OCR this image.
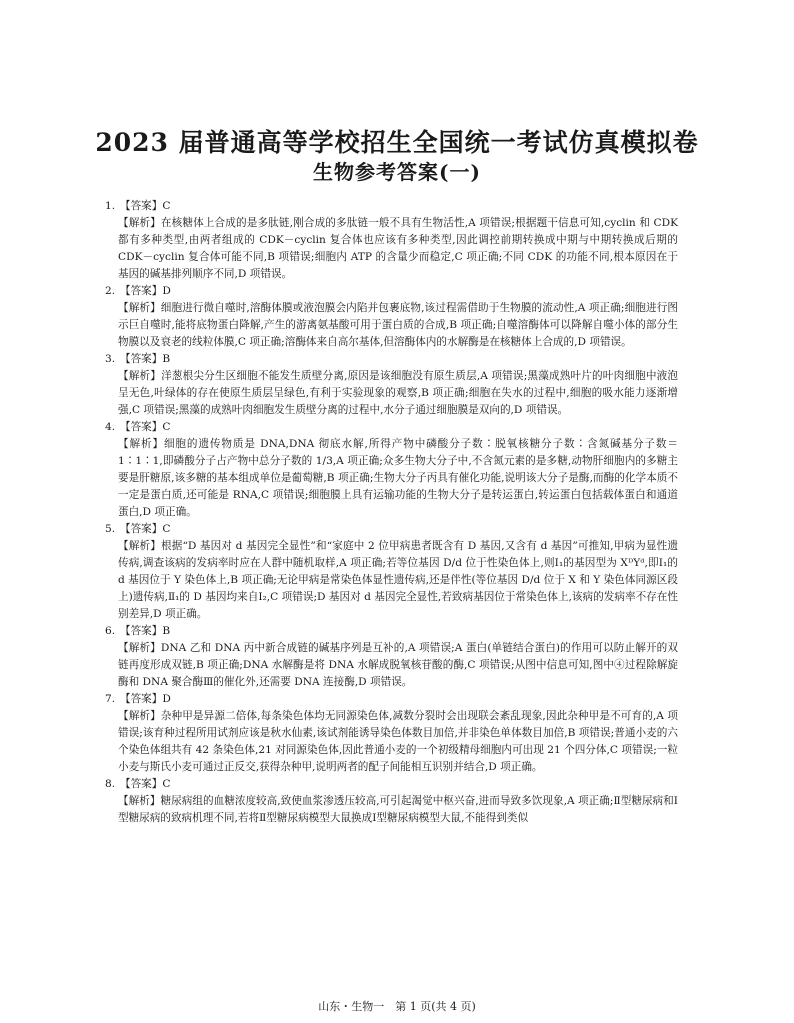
2023 届普通高等学校招生全国统一考试仿真模拟卷
生物参考答案(一)
1. 【答案】C
【解析】在核糖体上合成的是多肽链,刚合成的多肽链一般不具有生物活性,A 项错误;根据题干信息可知,cyclin 和 CDK 都有多种类型,由两者组成的 CDK－cyclin 复合体也应该有多种类型,因此调控前期转换成中期与中期转换成后期的 CDK－cyclin 复合体可能不同,B 项错误;细胞内 ATP 的含量少而稳定,C 项正确;不同 CDK 的功能不同,根本原因在于基因的碱基排列顺序不同,D 项错误。
2. 【答案】D
【解析】细胞进行微自噬时,溶酶体膜或液泡膜会内陷并包裹底物,该过程需借助于生物膜的流动性,A 项正确;细胞进行图示巨自噬时,能将底物蛋白降解,产生的游离氨基酸可用于蛋白质的合成,B 项正确;自噬溶酶体可以降解自噬小体的部分生物膜以及衰老的线粒体膜,C 项正确;溶酶体来自高尔基体,但溶酶体内的水解酶是在核糖体上合成的,D 项错误。
3. 【答案】B
【解析】洋葱根尖分生区细胞不能发生质壁分离,原因是该细胞没有原生质层,A 项错误;黑藻成熟叶片的叶肉细胞中液泡呈无色,叶绿体的存在使原生质层呈绿色,有利于实验现象的观察,B 项正确;细胞在失水的过程中,细胞的吸水能力逐渐增强,C 项错误;黑藻的成熟叶肉细胞发生质壁分离的过程中,水分子通过细胞膜是双向的,D 项错误。
4. 【答案】C
【解析】细胞的遗传物质是 DNA,DNA 彻底水解,所得产物中磷酸分子数∶脱氧核糖分子数∶含氮碱基分子数＝1∶1∶1,即磷酸分子占产物中总分子数的 1/3,A 项正确;众多生物大分子中,不含氮元素的是多糖,动物肝细胞内的多糖主要是肝糖原,该多糖的基本组成单位是葡萄糖,B 项正确;生物大分子丙具有催化功能,说明该大分子是酶,而酶的化学本质不一定是蛋白质,还可能是 RNA,C 项错误;细胞膜上具有运输功能的生物大分子是转运蛋白,转运蛋白包括载体蛋白和通道蛋白,D 项正确。
5. 【答案】C
【解析】根据“D 基因对 d 基因完全显性”和“家庭中 2 位甲病患者既含有 D 基因,又含有 d 基因”可推知,甲病为显性遗传病,调查该病的发病率时应在人群中随机取样,A 项正确;若等位基因 D/d 位于性染色体上,则Ⅰ₁的基因型为 XᴰYᵈ,即Ⅰ₁的 d 基因位于 Y 染色体上,B 项正确;无论甲病是常染色体显性遗传病,还是伴性(等位基因 D/d 位于 X 和 Y 染色体同源区段上)遗传病,Ⅱ₁的 D 基因均来自Ⅰ₂,C 项错误;D 基因对 d 基因完全显性,若致病基因位于常染色体上,该病的发病率不存在性别差异,D 项正确。
6. 【答案】B
【解析】DNA 乙和 DNA 丙中新合成链的碱基序列是互补的,A 项错误;A 蛋白(单链结合蛋白)的作用可以防止解开的双链再度形成双链,B 项正确;DNA 水解酶是将 DNA 水解成脱氧核苷酸的酶,C 项错误;从图中信息可知,图中④过程除解旋酶和 DNA 聚合酶Ⅲ的催化外,还需要 DNA 连接酶,D 项错误。
7. 【答案】D
【解析】杂种甲是异源二倍体,每条染色体均无同源染色体,减数分裂时会出现联会紊乱现象,因此杂种甲是不可育的,A 项错误;该育种过程所用试剂应该是秋水仙素,该试剂能诱导染色体数目加倍,并非染色单体数目加倍,B 项错误;普通小麦的六个染色体组共有 42 条染色体,21 对同源染色体,因此普通小麦的一个初级精母细胞内可出现 21 个四分体,C 项错误;一粒小麦与斯氏小麦可通过正反交,获得杂种甲,说明两者的配子间能相互识别并结合,D 项正确。
8. 【答案】C
【解析】糖尿病组的血糖浓度较高,致使血浆渗透压较高,可引起渴觉中枢兴奋,进而导致多饮现象,A 项正确;Ⅱ型糖尿病和Ⅰ型糖尿病的致病机理不同,若将Ⅱ型糖尿病模型大鼠换成Ⅰ型糖尿病模型大鼠,不能得到类似
山东・生物一　第 1 页(共 4 页)
